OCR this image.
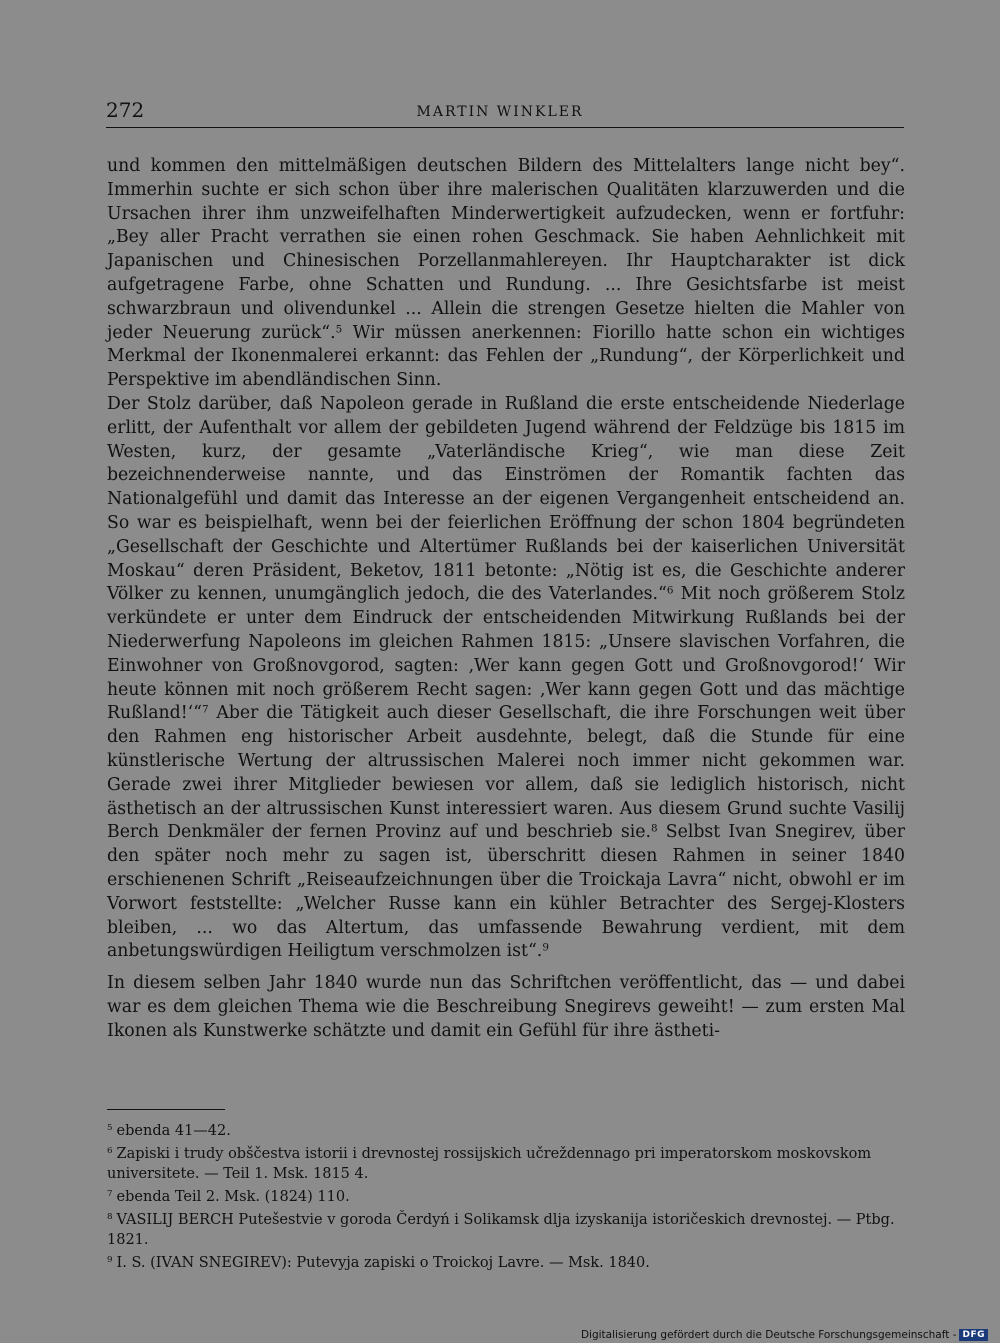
272	MARTIN WINKLER

und kommen den mittelmäßigen deutschen Bildern des Mittelalters lange nicht bey“. Immerhin suchte er sich schon über ihre malerischen Qualitäten klarzuwerden und die Ursachen ihrer ihm unzweifelhaften Minderwertigkeit aufzudecken, wenn er fortfuhr: „Bey aller Pracht verrathen sie einen rohen Geschmack. Sie haben Aehnlichkeit mit Japanischen und Chinesischen Porzellanmahlereyen. Ihr Hauptcharakter ist dick aufgetragene Farbe, ohne Schatten und Rundung. ... Ihre Gesichtsfarbe ist meist schwarzbraun und olivendunkel ... Allein die strengen Gesetze hielten die Mahler von jeder Neuerung zurück“.$^5$ Wir müssen anerkennen: Fiorillo hatte schon ein wichtiges Merkmal der Ikonenmalerei erkannt: das Fehlen der „Rundung“, der Körperlichkeit und Perspektive im abendländischen Sinn.

Der Stolz darüber, daß Napoleon gerade in Rußland die erste entscheidende Niederlage erlitt, der Aufenthalt vor allem der gebildeten Jugend während der Feldzüge bis 1815 im Westen, kurz, der gesamte „Vaterländische Krieg“, wie man diese Zeit bezeichnenderweise nannte, und das Einströmen der Romantik fachten das Nationalgefühl und damit das Interesse an der eigenen Vergangenheit entscheidend an. So war es beispielhaft, wenn bei der feierlichen Eröffnung der schon 1804 begründeten „Gesellschaft der Geschichte und Altertümer Rußlands bei der kaiserlichen Universität Moskau“ deren Präsident, Beketov, 1811 betonte: „Nötig ist es, die Geschichte anderer Völker zu kennen, unumgänglich jedoch, die des Vaterlandes.“$^6$ Mit noch größerem Stolz verkündete er unter dem Eindruck der entscheidenden Mitwirkung Rußlands bei der Niederwerfung Napoleons im gleichen Rahmen 1815: „Unsere slavischen Vorfahren, die Einwohner von Großnovgorod, sagten: ‚Wer kann gegen Gott und Großnovgorod!‘ Wir heute können mit noch größerem Recht sagen: ‚Wer kann gegen Gott und das mächtige Rußland!‘“$^7$ Aber die Tätigkeit auch dieser Gesellschaft, die ihre Forschungen weit über den Rahmen eng historischer Arbeit ausdehnte, belegt, daß die Stunde für eine künstlerische Wertung der altrussischen Malerei noch immer nicht gekommen war. Gerade zwei ihrer Mitglieder bewiesen vor allem, daß sie lediglich historisch, nicht ästhetisch an der altrussischen Kunst interessiert waren. Aus diesem Grund suchte Vasilij Berch Denkmäler der fernen Provinz auf und beschrieb sie.$^8$ Selbst Ivan Snegirev, über den später noch mehr zu sagen ist, überschritt diesen Rahmen in seiner 1840 erschienenen Schrift „Reiseaufzeichnungen über die Troickaja Lavra“ nicht, obwohl er im Vorwort feststellte: „Welcher Russe kann ein kühler Betrachter des Sergej-Klosters bleiben, ... wo das Altertum, das umfassende Bewahrung verdient, mit dem anbetungswürdigen Heiligtum verschmolzen ist“.$^9$

In diesem selben Jahr 1840 wurde nun das Schriftchen veröffentlicht, das — und dabei war es dem gleichen Thema wie die Beschreibung Snegirevs geweiht! — zum ersten Mal Ikonen als Kunstwerke schätzte und damit ein Gefühl für ihre ästheti-

$^5$ ebenda 41—42.

$^6$ Zapiski i trudy obščestva istorii i drevnostej rossijskich učreždennago pri imperatorskom moskovskom universitete. — Teil 1. Msk. 1815 4.

$^7$ ebenda Teil 2. Msk. (1824) 110.

$^8$ VASILIJ BERCH Putešestvie v goroda Čerdyń i Solikamsk dlja izyskanija istoričeskich drevnostej. — Ptbg. 1821.

$^9$ I. S. (IVAN SNEGIREV): Putevyja zapiski o Troickoj Lavre. — Msk. 1840.

Digitalisierung gefördert durch die Deutsche Forschungsgemeinschaft - DFG
